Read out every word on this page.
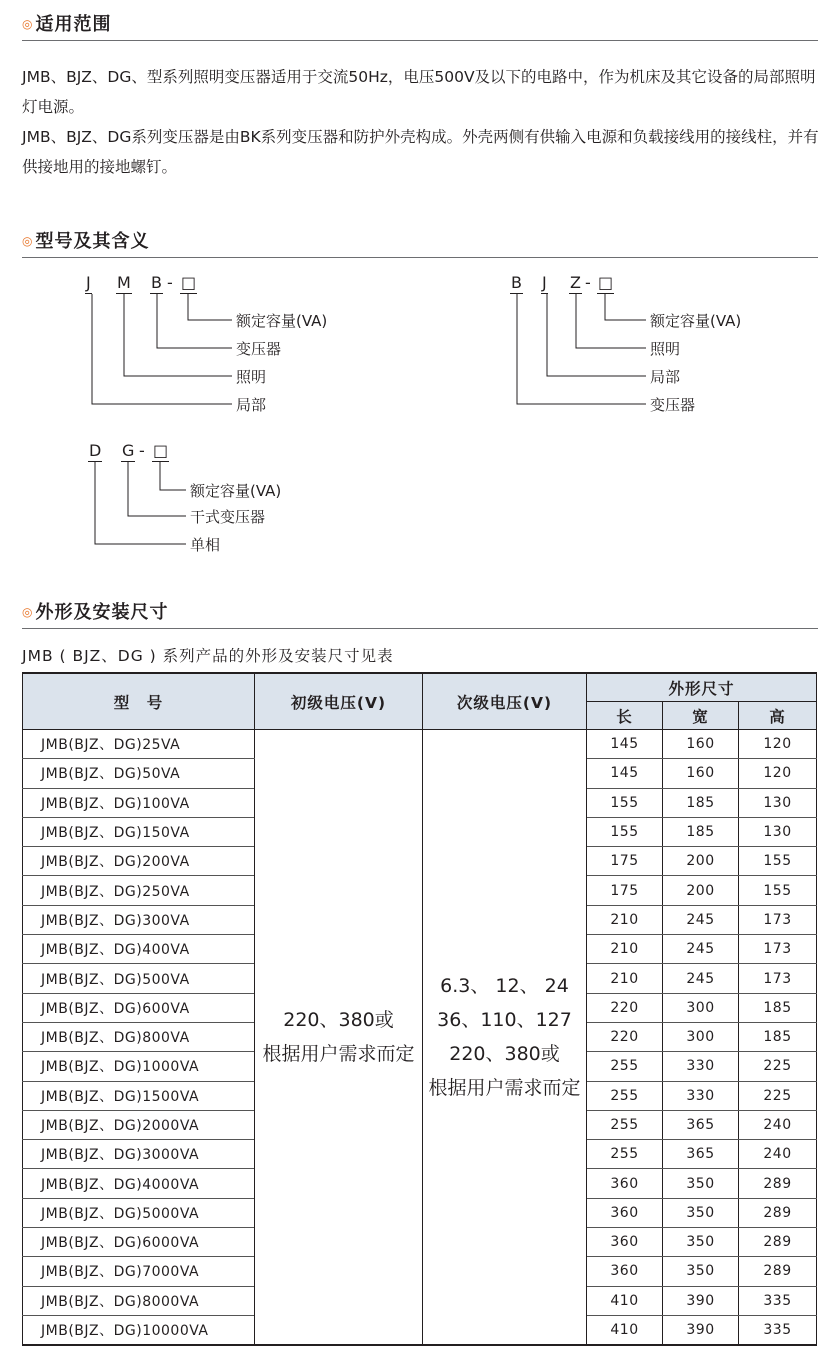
◎ 适用范围

JMB、BJZ、DG、型系列照明变压器适用于交流50Hz，电压500V及以下的电路中，作为机床及其它设备的局部照明灯电源。

JMB、BJZ、DG系列变压器是由BK系列变压器和防护外壳构成。外壳两侧有供输入电源和负载接线用的接线柱，并有供接地用的接地螺钉。

◎ 型号及其含义
J M B - □
额定容量(VA)
变压器
照明
局部
B J Z - □
额定容量(VA)
照明
局部
变压器
D G - □
额定容量(VA)
干式变压器
单相
◎ 外形及安装尺寸
JMB ( BJZ、DG ) 系列产品的外形及安装尺寸见表
型　号	初级电压(V)	次级电压(V)	外形尺寸		
			长	宽	高
JMB(BJZ、DG)25VA	220、380或
根据用户需求而定	6.3、 12、 24
36、110、127
220、380或
根据用户需求而定	145	160	120
JMB(BJZ、DG)50VA			145	160	120
JMB(BJZ、DG)100VA			155	185	130
JMB(BJZ、DG)150VA			155	185	130
JMB(BJZ、DG)200VA			175	200	155
JMB(BJZ、DG)250VA			175	200	155
JMB(BJZ、DG)300VA			210	245	173
JMB(BJZ、DG)400VA			210	245	173
JMB(BJZ、DG)500VA			210	245	173
JMB(BJZ、DG)600VA			220	300	185
JMB(BJZ、DG)800VA			220	300	185
JMB(BJZ、DG)1000VA			255	330	225
JMB(BJZ、DG)1500VA			255	330	225
JMB(BJZ、DG)2000VA			255	365	240
JMB(BJZ、DG)3000VA			255	365	240
JMB(BJZ、DG)4000VA			360	350	289
JMB(BJZ、DG)5000VA			360	350	289
JMB(BJZ、DG)6000VA			360	350	289
JMB(BJZ、DG)7000VA			360	350	289
JMB(BJZ、DG)8000VA			410	390	335
JMB(BJZ、DG)10000VA			410	390	335
